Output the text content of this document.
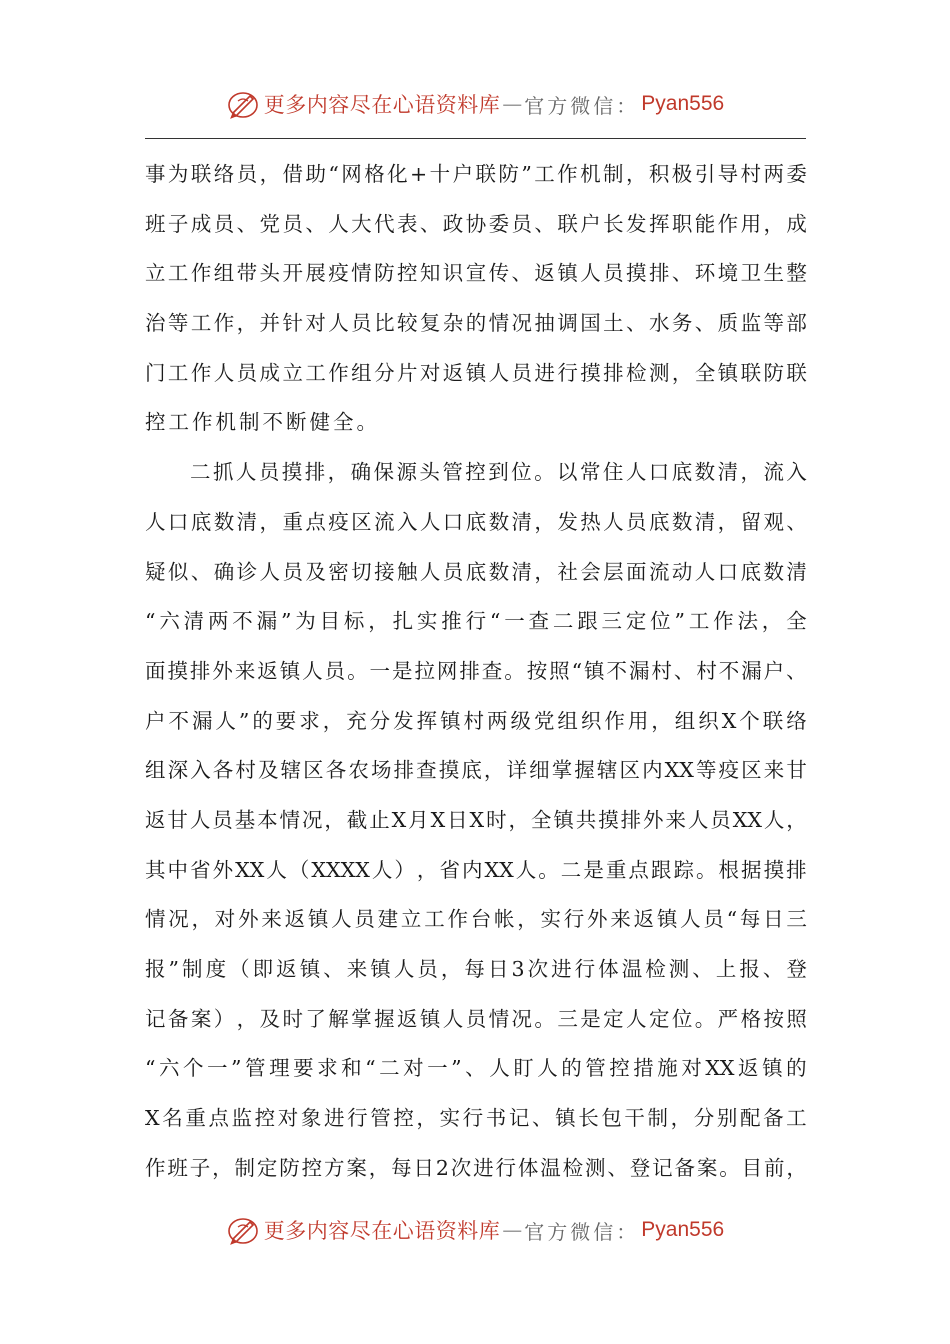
更多内容尽在心语资料库 — 官方微信： Pyan556
事 为 联 络 员 ， 借 助 “ 网 格 化 + 十 户 联 防 ” 工 作 机 制 ， 积 极 引 导 村 两 委
班 子 成 员 、 党 员 、 人 大 代 表 、 政 协 委 员 、 联 户 长 发 挥 职 能 作 用 ， 成
立 工 作 组 带 头 开 展 疫 情 防 控 知 识 宣 传 、 返 镇 人 员 摸 排 、 环 境 卫 生 整
治 等 工 作 ， 并 针 对 人 员 比 较 复 杂 的 情 况 抽 调 国 土 、 水 务 、 质 监 等 部
门 工 作 人 员 成 立 工 作 组 分 片 对 返 镇 人 员 进 行 摸 排 检 测 ， 全 镇 联 防 联
控工作机制不断健全。
二 抓 人 员 摸 排 ， 确 保 源 头 管 控 到 位 。 以 常 住 人 口 底 数 清 ， 流 入
人 口 底 数 清 ， 重 点 疫 区 流 入 人 口 底 数 清 ， 发 热 人 员 底 数 清 ， 留 观 、
疑 似 、 确 诊 人 员 及 密 切 接 触 人 员 底 数 清 ， 社 会 层 面 流 动 人 口 底 数 清
“ 六 清 两 不 漏 ” 为 目 标 ， 扎 实 推 行 “ 一 查 二 跟 三 定 位 ” 工 作 法 ， 全
面 摸 排 外 来 返 镇 人 员 。 一 是 拉 网 排 查 。 按 照 “ 镇 不 漏 村 、 村 不 漏 户 、
户 不 漏 人 ” 的 要 求 ， 充 分 发 挥 镇 村 两 级 党 组 织 作 用 ， 组 织 X 个 联 络
组 深 入 各 村 及 辖 区 各 农 场 排 查 摸 底 ， 详 细 掌 握 辖 区 内 XX 等 疫 区 来 甘
返 甘 人 员 基 本 情 况 ， 截 止 X 月 X 日 X 时 ， 全 镇 共 摸 排 外 来 人 员 XX 人 ，
其 中 省 外 XX 人 （ XXXX 人 ） ， 省 内 XX 人 。 二 是 重 点 跟 踪 。 根 据 摸 排
情 况 ， 对 外 来 返 镇 人 员 建 立 工 作 台 帐 ， 实 行 外 来 返 镇 人 员 “ 每 日 三
报 ” 制 度 （ 即 返 镇 、 来 镇 人 员 ， 每 日 3 次 进 行 体 温 检 测 、 上 报 、 登
记 备 案 ） ， 及 时 了 解 掌 握 返 镇 人 员 情 况 。 三 是 定 人 定 位 。 严 格 按 照
“ 六 个 一 ” 管 理 要 求 和 “ 二 对 一 ” 、 人 盯 人 的 管 控 措 施 对 XX 返 镇 的
X 名 重 点 监 控 对 象 进 行 管 控 ， 实 行 书 记 、 镇 长 包 干 制 ， 分 别 配 备 工
作 班 子 ， 制 定 防 控 方 案 ， 每 日 2 次 进 行 体 温 检 测 、 登 记 备 案 。 目 前 ，
更多内容尽在心语资料库 — 官方微信： Pyan556
